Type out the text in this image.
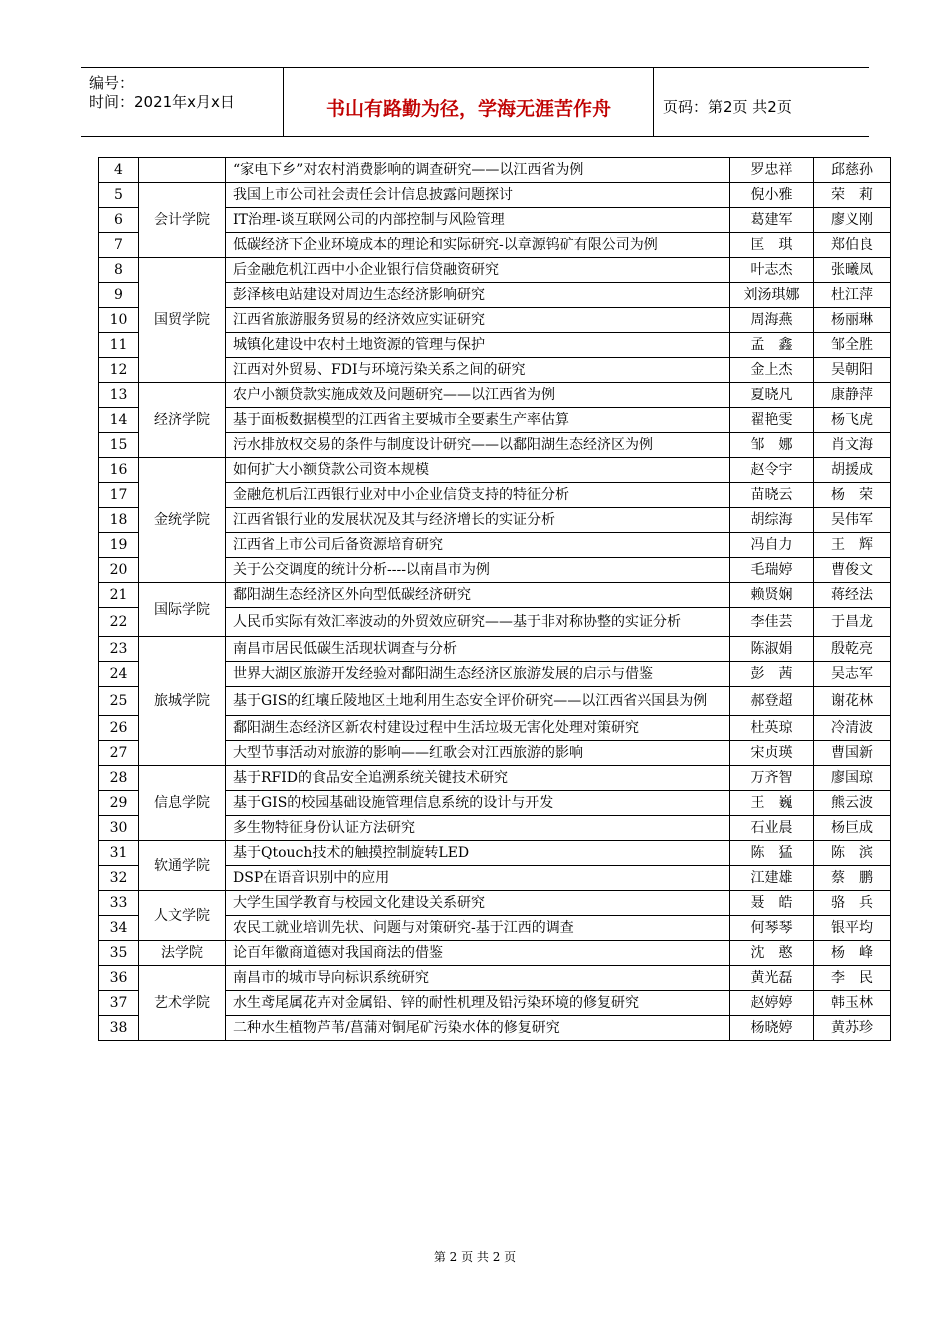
编号：
时间：2021年x月x日	书山有路勤为径，学海无涯苦作舟	页码：第2页 共2页
4		“家电下乡”对农村消费影响的调查研究——以江西省为例	罗忠祥	邱慈孙
5	会计学院	我国上市公司社会责任会计信息披露问题探讨	倪小雅	荣　莉
6		IT治理-谈互联网公司的内部控制与风险管理	葛建军	廖义刚
7		低碳经济下企业环境成本的理论和实际研究-以章源钨矿有限公司为例	匡　琪	郑伯良
8	国贸学院	后金融危机江西中小企业银行信贷融资研究	叶志杰	张曦凤
9		彭泽核电站建设对周边生态经济影响研究	刘汤琪娜	杜江萍
10		江西省旅游服务贸易的经济效应实证研究	周海燕	杨丽琳
11		城镇化建设中农村土地资源的管理与保护	孟　鑫	邹全胜
12		江西对外贸易、FDI与环境污染关系之间的研究	金上杰	吴朝阳
13	经济学院	农户小额贷款实施成效及问题研究——以江西省为例	夏晓凡	康静萍
14		基于面板数据模型的江西省主要城市全要素生产率估算	翟艳雯	杨飞虎
15		污水排放权交易的条件与制度设计研究——以鄱阳湖生态经济区为例	邹　娜	肖文海
16	金统学院	如何扩大小额贷款公司资本规模	赵令宇	胡援成
17		金融危机后江西银行业对中小企业信贷支持的特征分析	苗晓云	杨　荣
18		江西省银行业的发展状况及其与经济增长的实证分析	胡综海	吴伟军
19		江西省上市公司后备资源培育研究	冯自力	王　辉
20		关于公交调度的统计分析----以南昌市为例	毛瑞婷	曹俊文
21	国际学院	鄱阳湖生态经济区外向型低碳经济研究	赖贤娴	蒋经法
22		人民币实际有效汇率波动的外贸效应研究——基于非对称协整的实证分析	李佳芸	于昌龙
23	旅城学院	南昌市居民低碳生活现状调查与分析	陈淑娟	殷乾亮
24		世界大湖区旅游开发经验对鄱阳湖生态经济区旅游发展的启示与借鉴	彭　茜	吴志军
25		基于GIS的红壤丘陵地区土地利用生态安全评价研究——以江西省兴国县为例	郝登超	谢花林
26		鄱阳湖生态经济区新农村建设过程中生活垃圾无害化处理对策研究	杜英琼	冷清波
27		大型节事活动对旅游的影响——红歌会对江西旅游的影响	宋贞瑛	曹国新
28	信息学院	基于RFID的食品安全追溯系统关键技术研究	万齐智	廖国琼
29		基于GIS的校园基础设施管理信息系统的设计与开发	王　巍	熊云波
30		多生物特征身份认证方法研究	石业晨	杨巨成
31	软通学院	基于Qtouch技术的触摸控制旋转LED	陈　猛	陈　滨
32		DSP在语音识别中的应用	江建雄	蔡　鹏
33	人文学院	大学生国学教育与校园文化建设关系研究	聂　皓	骆　兵
34		农民工就业培训先状、问题与对策研究-基于江西的调查	何琴琴	银平均
35	法学院	论百年徽商道德对我国商法的借鉴	沈　憨	杨　峰
36	艺术学院	南昌市的城市导向标识系统研究	黄光磊	李　民
37		水生鸢尾属花卉对金属铅、锌的耐性机理及铅污染环境的修复研究	赵婷婷	韩玉林
38		二种水生植物芦苇/菖蒲对铜尾矿污染水体的修复研究	杨晓婷	黄苏珍
第 2 页 共 2 页
